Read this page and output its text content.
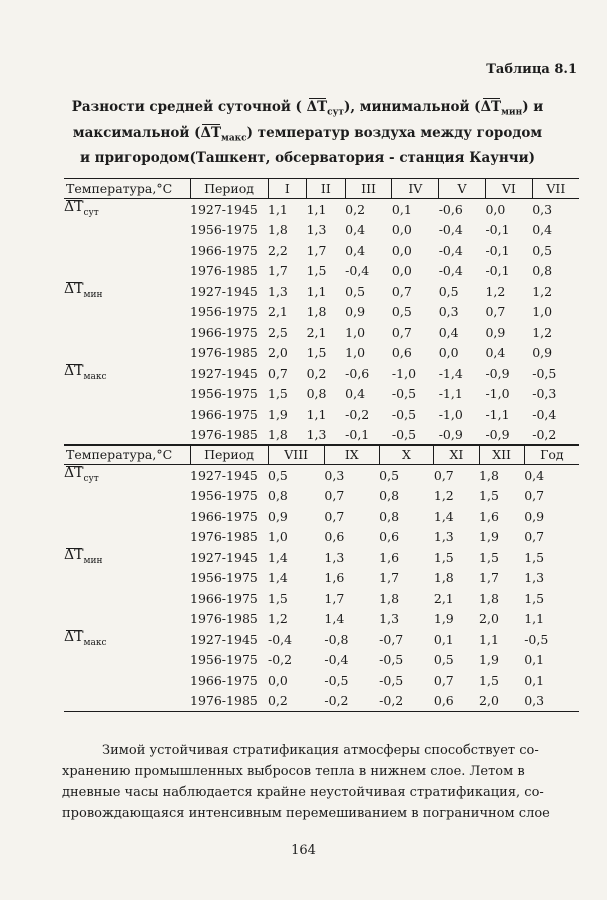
Таблица 8.1
Разности средней суточной ( $\Delta T_{сут}$), минимальной $(\Delta T_{мин})$ и
максимальной $(\Delta T_{макс})$ температур воздуха между городом
и пригородом(Ташкент, обсерватория - станция Каунчи)
Температура,°С	Период	I	II	III	IV	V	VI	VII
$\Delta T_{сут}$	1927-1945	1,1	1,1	0,2	0,1	-0,6	0,0	0,3
	1956-1975	1,8	1,3	0,4	0,0	-0,4	-0,1	0,4
	1966-1975	2,2	1,7	0,4	0,0	-0,4	-0,1	0,5
	1976-1985	1,7	1,5	-0,4	0,0	-0,4	-0,1	0,8
$\Delta T_{мин}$	1927-1945	1,3	1,1	0,5	0,7	0,5	1,2	1,2
	1956-1975	2,1	1,8	0,9	0,5	0,3	0,7	1,0
	1966-1975	2,5	2,1	1,0	0,7	0,4	0,9	1,2
	1976-1985	2,0	1,5	1,0	0,6	0,0	0,4	0,9
$\Delta T_{макс}$	1927-1945	0,7	0,2	-0,6	-1,0	-1,4	-0,9	-0,5
	1956-1975	1,5	0,8	0,4	-0,5	-1,1	-1,0	-0,3
	1966-1975	1,9	1,1	-0,2	-0,5	-1,0	-1,1	-0,4
	1976-1985	1,8	1,3	-0,1	-0,5	-0,9	-0,9	-0,2
Температура,°С	Период	VIII	IX	X	XI	XII	Год
$\Delta T_{сут}$	1927-1945	0,5	0,3	0,5	0,7	1,8	0,4
	1956-1975	0,8	0,7	0,8	1,2	1,5	0,7
	1966-1975	0,9	0,7	0,8	1,4	1,6	0,9
	1976-1985	1,0	0,6	0,6	1,3	1,9	0,7
$\Delta T_{мин}$	1927-1945	1,4	1,3	1,6	1,5	1,5	1,5
	1956-1975	1,4	1,6	1,7	1,8	1,7	1,3
	1966-1975	1,5	1,7	1,8	2,1	1,8	1,5
	1976-1985	1,2	1,4	1,3	1,9	2,0	1,1
$\Delta T_{макс}$	1927-1945	-0,4	-0,8	-0,7	0,1	1,1	-0,5
	1956-1975	-0,2	-0,4	-0,5	0,5	1,9	0,1
	1966-1975	0,0	-0,5	-0,5	0,7	1,5	0,1
	1976-1985	0,2	-0,2	-0,2	0,6	2,0	0,3
Зимой устойчивая стратификация атмосферы способствует со-
хранению промышленных выбросов тепла в нижнем слое. Летом в
дневные часы наблюдается крайне неустойчивая стратификация, со-
провождающаяся интенсивным перемешиванием в пограничном слое
164
